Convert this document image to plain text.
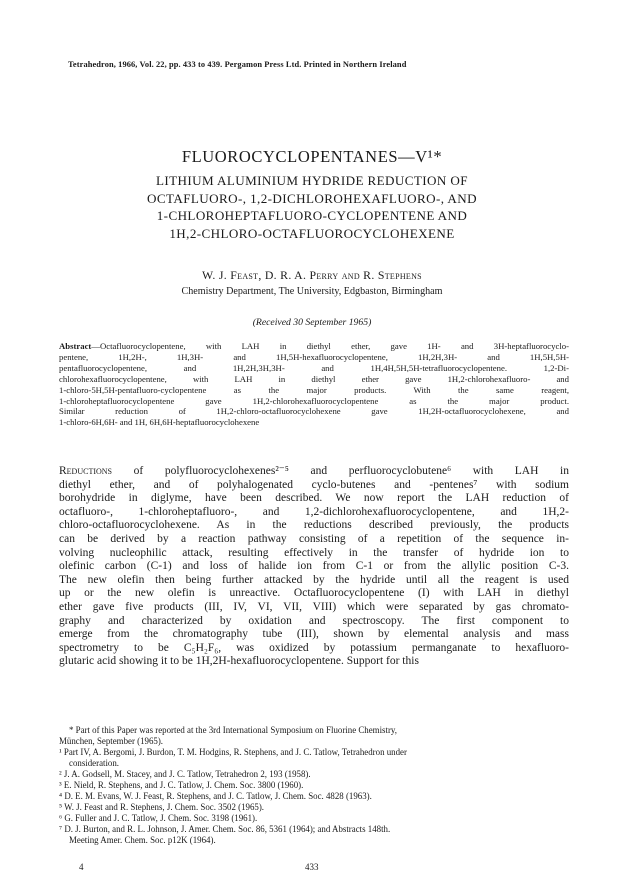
Tetrahedron, 1966, Vol. 22, pp. 433 to 439. Pergamon Press Ltd. Printed in Northern Ireland
FLUOROCYCLOPENTANES—V¹*
LITHIUM ALUMINIUM HYDRIDE REDUCTION OF
OCTAFLUORO-, 1,2-DICHLOROHEXAFLUORO-, AND
1-CHLOROHEPTAFLUORO-CYCLOPENTENE AND
1H,2-CHLORO-OCTAFLUOROCYCLOHEXENE
W. J. Feast, D. R. A. Perry and R. Stephens
Chemistry Department, The University, Edgbaston, Birmingham
(Received 30 September 1965)
Abstract—Octafluorocyclopentene, with LAH in diethyl ether, gave 1H- and 3H-heptafluorocyclo-
pentene, 1H,2H-, 1H,3H- and 1H,5H-hexafluorocyclopentene, 1H,2H,3H- and 1H,5H,5H-
pentafluorocyclopentene, and 1H,2H,3H,3H- and 1H,4H,5H,5H-tetrafluorocyclopentene. 1,2-Di-
chlorohexafluorocyclopentene, with LAH in diethyl ether gave 1H,2-chlorohexafluoro- and
1-chloro-5H,5H-pentafluoro-cyclopentene as the major products. With the same reagent,
1-chloroheptafluorocyclopentene gave 1H,2-chlorohexafluorocyclopentene as the major product.
Similar reduction of 1H,2-chloro-octafluorocyclohexene gave 1H,2H-octafluorocyclohexene, and
1-chloro-6H,6H- and 1H, 6H,6H-heptafluorocyclohexene
Reductions of polyfluorocyclohexenes²⁻⁵ and perfluorocyclobutene⁶ with LAH in
diethyl ether, and of polyhalogenated cyclo-butenes and -pentenes⁷ with sodium
borohydride in diglyme, have been described. We now report the LAH reduction of
octafluoro-, 1-chloroheptafluoro-, and 1,2-dichlorohexafluorocyclopentene, and 1H,2-
chloro-octafluorocyclohexene. As in the reductions described previously, the products
can be derived by a reaction pathway consisting of a repetition of the sequence in-
volving nucleophilic attack, resulting effectively in the transfer of hydride ion to
olefinic carbon (C-1) and loss of halide ion from C-1 or from the allylic position C-3.
The new olefin then being further attacked by the hydride until all the reagent is used
up or the new olefin is unreactive. Octafluorocyclopentene (I) with LAH in diethyl
ether gave five products (III, IV, VI, VII, VIII) which were separated by gas chromato-
graphy and characterized by oxidation and spectroscopy. The first component to
emerge from the chromatography tube (III), shown by elemental analysis and mass
spectrometry to be C₅H₂F₆, was oxidized by potassium permanganate to hexafluoro-
glutaric acid showing it to be 1H,2H-hexafluorocyclopentene. Support for this
* Part of this Paper was reported at the 3rd International Symposium on Fluorine Chemistry,
München, September (1965).
¹ Part IV, A. Bergomi, J. Burdon, T. M. Hodgins, R. Stephens, and J. C. Tatlow, Tetrahedron under
consideration.
² J. A. Godsell, M. Stacey, and J. C. Tatlow, Tetrahedron 2, 193 (1958).
³ E. Nield, R. Stephens, and J. C. Tatlow, J. Chem. Soc. 3800 (1960).
⁴ D. E. M. Evans, W. J. Feast, R. Stephens, and J. C. Tatlow, J. Chem. Soc. 4828 (1963).
⁵ W. J. Feast and R. Stephens, J. Chem. Soc. 3502 (1965).
⁶ G. Fuller and J. C. Tatlow, J. Chem. Soc. 3198 (1961).
⁷ D. J. Burton, and R. L. Johnson, J. Amer. Chem. Soc. 86, 5361 (1964); and Abstracts 148th.
Meeting Amer. Chem. Soc. p12K (1964).
4	433
